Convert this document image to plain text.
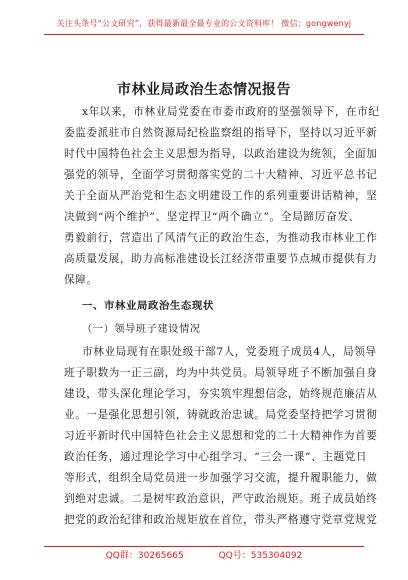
关注头条号“公文研究”，获得最新最全最专业的公文资料库！ 微信：gongwenyj
市林业局政治生态情况报告
x年以来，市林业局党委在市委市政府的坚强领导下，在市纪
委监委派驻市自然资源局纪检监察组的指导下，坚持以习近平新
时代中国特色社会主义思想为指导，以政治建设为统领，全面加
强党的领导，全面学习贯彻落实党的二十大精神、习近平总书记
关于全面从严治党和生态文明建设工作的系列重要讲话精神，坚
决做到“两个维护”、坚定捍卫“两个确立”。全局蹄厉奋发、
勇毅前行，营造出了风清气正的政治生态，为推动我市林业工作
高质量发展，助力高标准建设长江经济带重要节点城市提供有力
保障。
一、市林业局政治生态现状
（一）领导班子建设情况
市林业局现有在职处级干部7人，党委班子成员4人，局领导
班子职数为一正三副，均为中共党员。局领导班子不断加强自身
建设，带头深化理论学习，夯实筑牢理想信念，始终规范廉洁从
业。一是强化思想引领，铸就政治忠诚。局党委坚持把学习贯彻
习近平新时代中国特色社会主义思想和党的二十大精神作为首要
政治任务，通过理论学习中心组学习、“三会一课”、主题党日
等形式，组织全局党员进一步加强学习交流，提升履职能力，做
到绝对忠诚。二是树牢政治意识，严守政治规矩。班子成员始终
把党的政治纪律和政治规矩放在首位，带头严格遵守党章党规党
QQ群：30265665	QQ号：535304092
